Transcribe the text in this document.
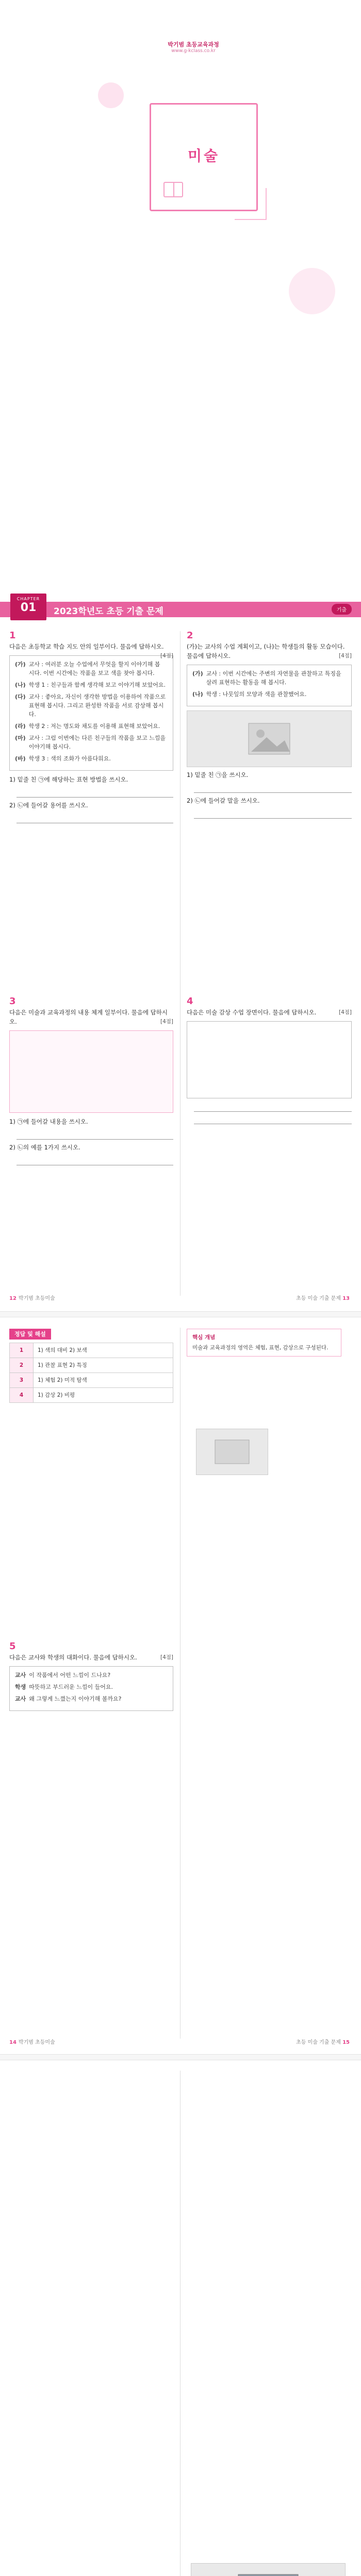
박기범 초등교육과정
www.g-kclass.co.kr
미술
CHAPTER
01	2023학년도 초등 기출 문제	기출
1
다음은 초등학교 학습 지도 안의 일부이다. 물음에 답하시오.
[4점]
(가) 교사 : 여러분 오늘 수업에서 무엇을 할지 이야기해 봅시다. 이번 시간에는 작품을 보고 색을 찾아 봅시다.
(나) 학생 1 : 친구들과 함께 생각해 보고 이야기해 보았어요.
(다) 교사 : 좋아요, 자신이 생각한 방법을 이용하여 작품으로 표현해 봅시다. 그리고 완성한 작품을 서로 감상해 봅시다.
(라) 학생 2 : 저는 명도와 채도를 이용해 표현해 보았어요.
(마) 교사 : 그럼 이번에는 다른 친구들의 작품을 보고 느낌을 이야기해 봅시다.
(바) 학생 3 : 색의 조화가 아름다워요.
1) 밑줄 친 ㉠에 해당하는 표현 방법을 쓰시오.
2) ㉡에 들어갈 용어를 쓰시오.
2
(가)는 교사의 수업 계획이고, (나)는 학생들의 활동 모습이다. 물음에 답하시오.	[4점]
(가) 교사 : 이번 시간에는 주변의 자연물을 관찰하고 특징을 살려 표현하는 활동을 해 봅시다.
(나) 학생 : 나뭇잎의 모양과 색을 관찰했어요.
1) 밑줄 친 ㉠을 쓰시오.
2) ㉡에 들어갈 말을 쓰시오.
3
다음은 미술과 교육과정의 내용 체계 일부이다. 물음에 답하시오.	[4점]
1) ㉠에 들어갈 내용을 쓰시오.
2) ㉡의 예를 1가지 쓰시오.
4
다음은 미술 감상 수업 장면이다. 물음에 답하시오.	[4점]
12 박기범 초등미술	초등 미술 기출 문제 13
정답 및 해설
1	1) 색의 대비 2) 보색
2	1) 관찰 표현 2) 특징
3	1) 체험 2) 미적 탐색
4	1) 감상 2) 비평
핵심 개념
미술과 교육과정의 영역은 체험, 표현, 감상으로 구성된다.
5
다음은 교사와 학생의 대화이다. 물음에 답하시오.	[4점]
교사 이 작품에서 어떤 느낌이 드나요?
학생 따뜻하고 부드러운 느낌이 들어요.
교사 왜 그렇게 느꼈는지 이야기해 볼까요?
14 박기범 초등미술	초등 미술 기출 문제 15
